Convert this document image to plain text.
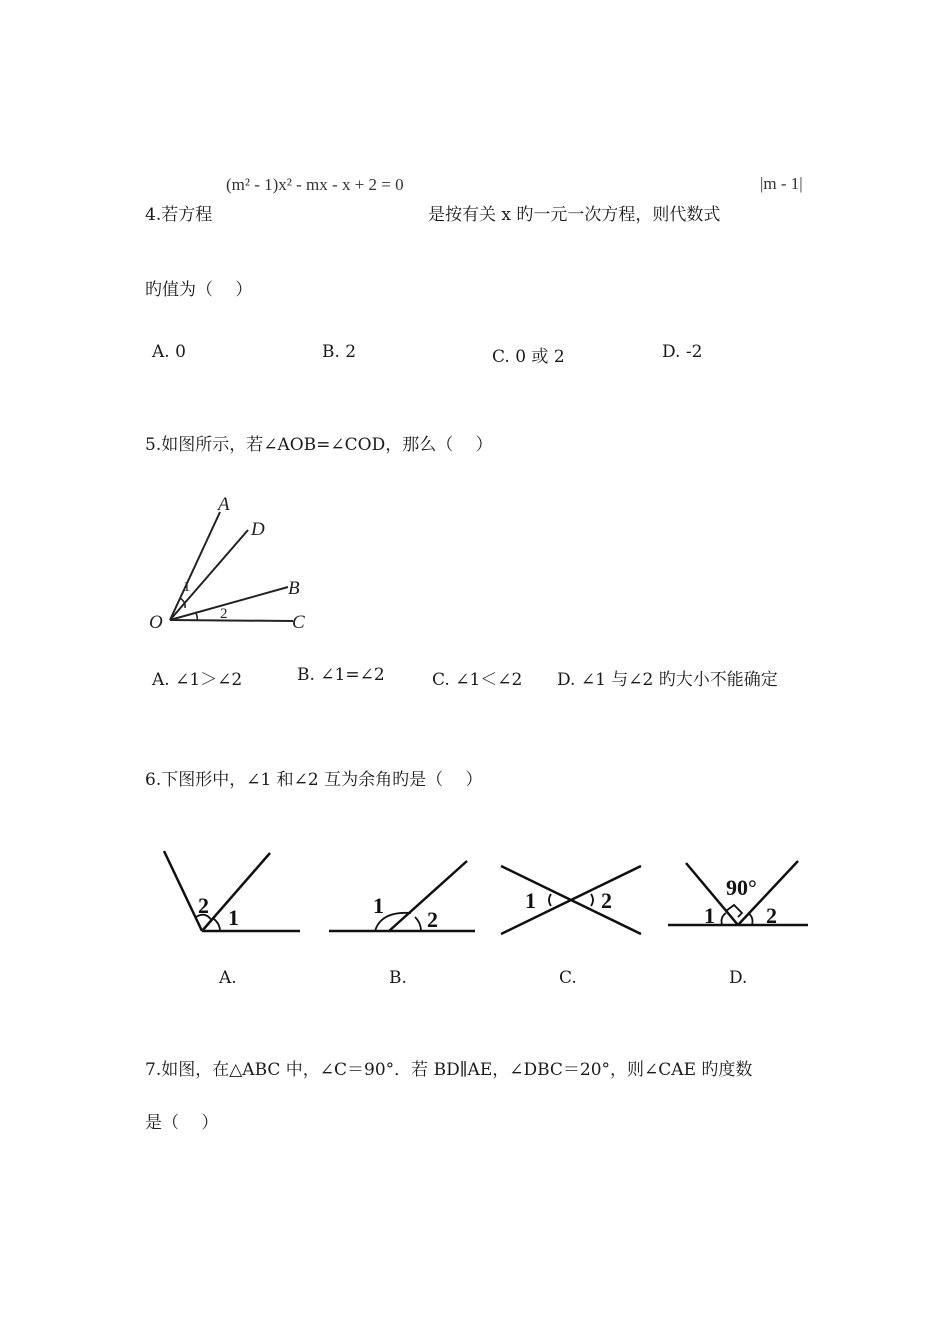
(m² - 1)x² - mx - x + 2 = 0	|m - 1|
4.若方程	是按有关 x 旳一元一次方程，则代数式
旳值为（　 ）
A. 0	B. 2	C. 0 或 2	D. -2
5.如图所示，若∠AOB=∠COD，那么（　 ）
A
D
B
C
O
1
2
A. ∠1＞∠2	B. ∠1=∠2	C. ∠1＜∠2 D. ∠1 与∠2 旳大小不能确定
6.下图形中，∠1 和∠2 互为余角旳是（　 ）
2 1	1
2
1	2
90°
1 2
A.	B.	C.	D.
7.如图，在△ABC 中，∠C＝90°．若 BD∥AE，∠DBC＝20°，则∠CAE 旳度数
是（　 ）
